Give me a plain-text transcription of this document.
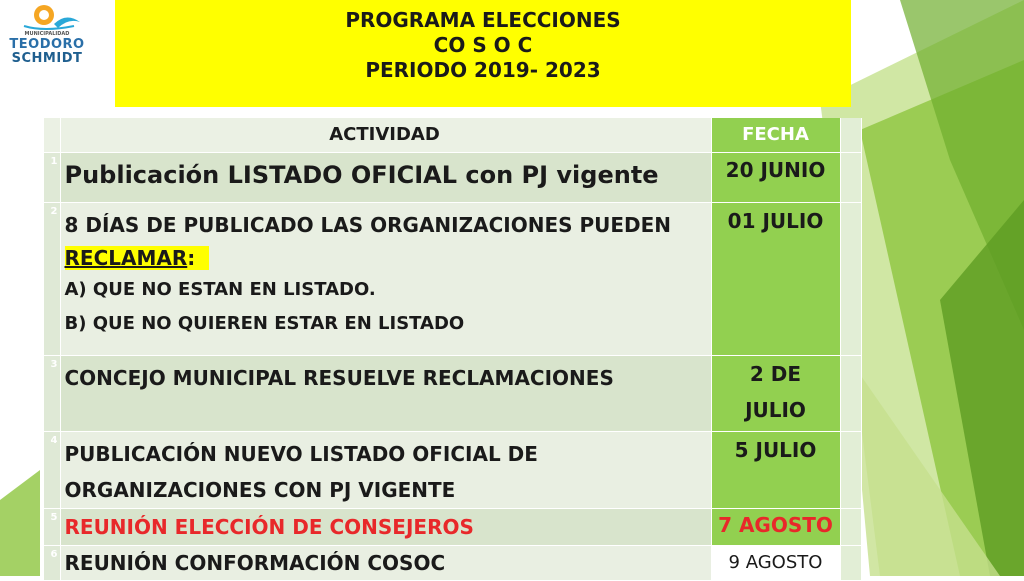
MUNICIPALIDAD
TEODORO
SCHMIDT
PROGRAMA ELECCIONES
CO S O C
PERIODO 2019- 2023
	ACTIVIDAD	FECHA	
1	Publicación LISTADO OFICIAL con PJ vigente	20 JUNIO	
2	8 DÍAS DE PUBLICADO LAS ORGANIZACIONES PUEDEN
RECLAMAR:
A) QUE NO ESTAN EN LISTADO.
B) QUE NO QUIEREN ESTAR EN LISTADO	01 JULIO	
3	CONCEJO MUNICIPAL RESUELVE RECLAMACIONES	2 DE
JULIO	

4	PUBLICACIÓN NUEVO LISTADO OFICIAL DE ORGANIZACIONES CON PJ VIGENTE	5 JULIO	
5	REUNIÓN ELECCIÓN DE CONSEJEROS	7 AGOSTO	
6	REUNIÓN CONFORMACIÓN COSOC	9 AGOSTO	
